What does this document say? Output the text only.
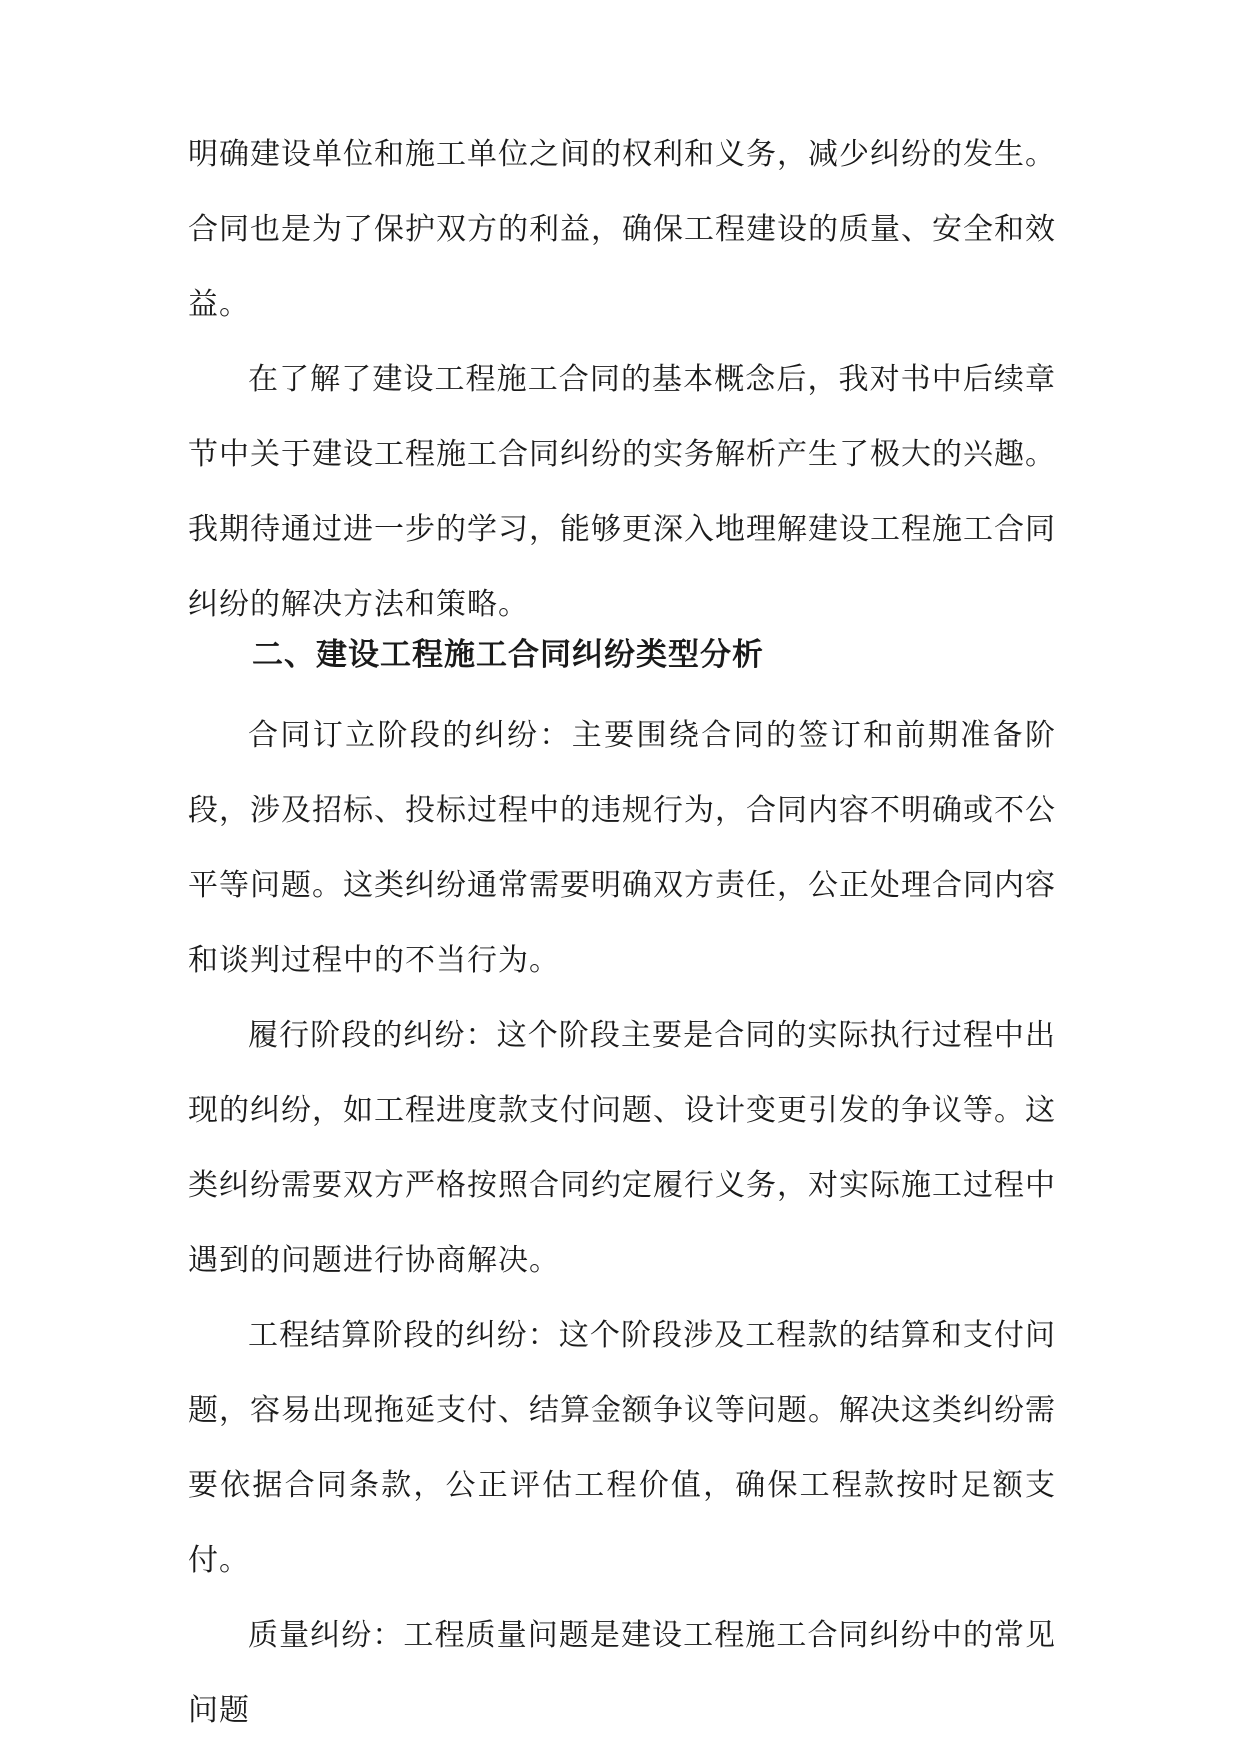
明确建设单位和施工单位之间的权利和义务，减少纠纷的发生。合同也是为了保护双方的利益，确保工程建设的质量、安全和效益。

在了解了建设工程施工合同的基本概念后，我对书中后续章节中关于建设工程施工合同纠纷的实务解析产生了极大的兴趣。我期待通过进一步的学习，能够更深入地理解建设工程施工合同纠纷的解决方法和策略。

二、建设工程施工合同纠纷类型分析

合同订立阶段的纠纷：主要围绕合同的签订和前期准备阶段，涉及招标、投标过程中的违规行为，合同内容不明确或不公平等问题。这类纠纷通常需要明确双方责任，公正处理合同内容和谈判过程中的不当行为。

履行阶段的纠纷：这个阶段主要是合同的实际执行过程中出现的纠纷，如工程进度款支付问题、设计变更引发的争议等。这类纠纷需要双方严格按照合同约定履行义务，对实际施工过程中遇到的问题进行协商解决。

工程结算阶段的纠纷：这个阶段涉及工程款的结算和支付问题，容易出现拖延支付、结算金额争议等问题。解决这类纠纷需要依据合同条款，公正评估工程价值，确保工程款按时足额支付。

质量纠纷：工程质量问题是建设工程施工合同纠纷中的常见问题
